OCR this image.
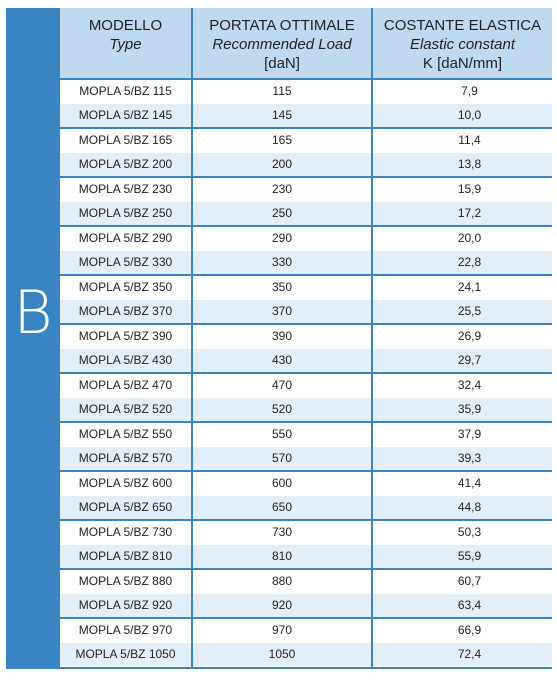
B
MODELLO
Type
PORTATA OTTIMALE
Recommended Load
[daN]
COSTANTE ELASTICA
Elastic constant
K [daN/mm]
MOPLA 5/BZ 115	115	7,9
MOPLA 5/BZ 145	145	10,0
MOPLA 5/BZ 165	165	11,4
MOPLA 5/BZ 200	200	13,8
MOPLA 5/BZ 230	230	15,9
MOPLA 5/BZ 250	250	17,2
MOPLA 5/BZ 290	290	20,0
MOPLA 5/BZ 330	330	22,8
MOPLA 5/BZ 350	350	24,1
MOPLA 5/BZ 370	370	25,5
MOPLA 5/BZ 390	390	26,9
MOPLA 5/BZ 430	430	29,7
MOPLA 5/BZ 470	470	32,4
MOPLA 5/BZ 520	520	35,9
MOPLA 5/BZ 550	550	37,9
MOPLA 5/BZ 570	570	39,3
MOPLA 5/BZ 600	600	41,4
MOPLA 5/BZ 650	650	44,8
MOPLA 5/BZ 730	730	50,3
MOPLA 5/BZ 810	810	55,9
MOPLA 5/BZ 880	880	60,7
MOPLA 5/BZ 920	920	63,4
MOPLA 5/BZ 970	970	66,9
MOPLA 5/BZ 1050	1050	72,4
